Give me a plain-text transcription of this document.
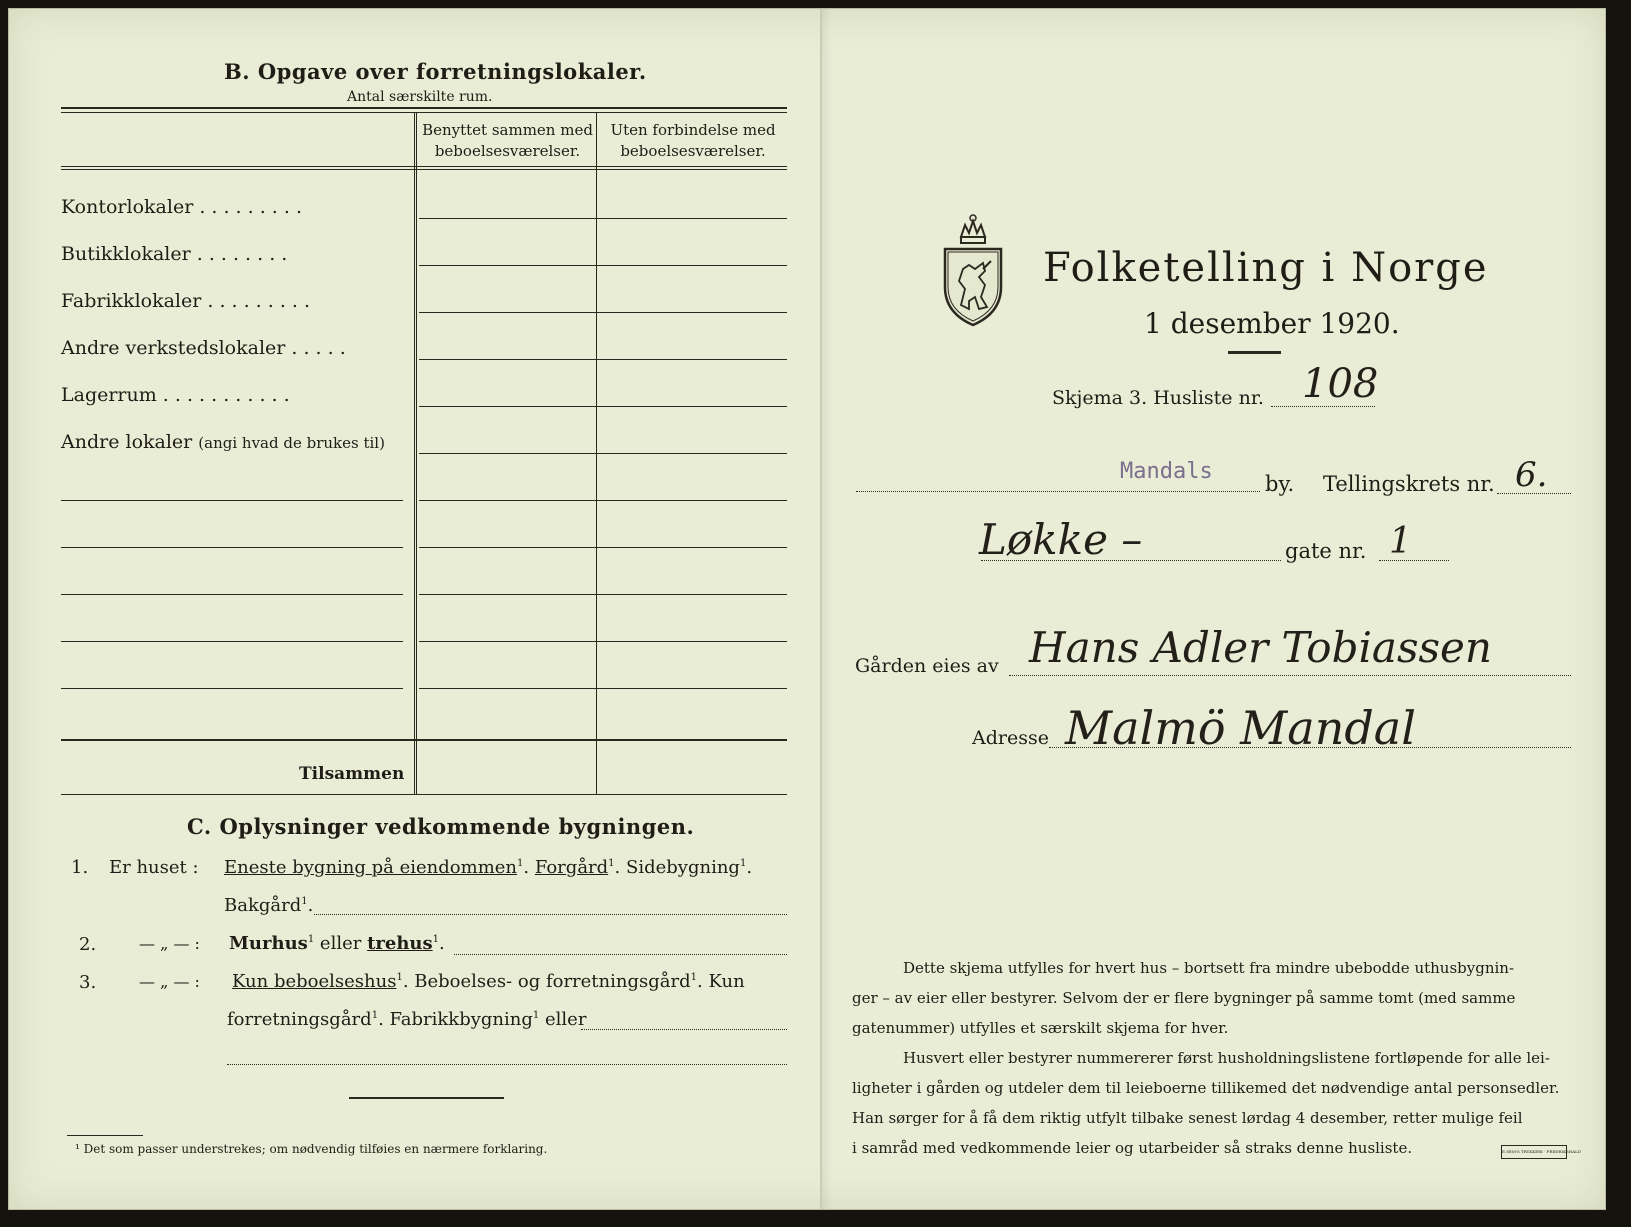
B. Opgave over forretningslokaler.
Antal særskilte rum.
Benyttet sammen med
beboelsesværelser.
Uten forbindelse med
beboelsesværelser.
Kontorlokaler . . . . . . . . .
Butikklokaler . . . . . . . .
Fabrikklokaler . . . . . . . . .
Andre verkstedslokaler . . . . .
Lagerrum . . . . . . . . . . .
Andre lokaler (angi hvad de brukes til)
Tilsammen
C. Oplysninger vedkommende bygningen.
1. Er huset : Eneste bygning på eiendommen$^1$. Forgård$^1$. Sidebygning$^1$.
Bakgård$^1$.
2.	— „ — : Murhus$^1$ eller trehus$^1$.
3.	— „ — : Kun beboelseshus$^1$. Beboelses- og forretningsgård$^1$. Kun
forretningsgård$^1$. Fabrikkbygning$^1$ eller
¹ Det som passer understrekes; om nødvendig tilføies en nærmere forklaring.
Folketelling i Norge
1 desember 1920.
Skjema 3. Husliste nr. 108
Mandals by. Tellingskrets nr. 6.
Løkke –	gate nr. 1
Gården eies av Hans Adler Tobiassen
Adresse Malmö Mandal
Dette skjema utfylles for hvert hus – bortsett fra mindre ubebodde uthusbygnin-
ger – av eier eller bestyrer. Selvom der er flere bygninger på samme tomt (med samme
gatenummer) utfylles et særskilt skjema for hver.
Husvert eller bestyrer nummererer først husholdningslistene fortløpende for alle lei-
ligheter i gården og utdeler dem til leieboerne tillikemed det nødvendige antal personsedler.
Han sørger for å få dem riktig utfylt tilbake senest lørdag 4 desember, retter mulige feil
i samråd med vedkommende leier og utarbeider så straks denne husliste.	E.SEM'S TRYKKERI · FREDRIKSHALD
